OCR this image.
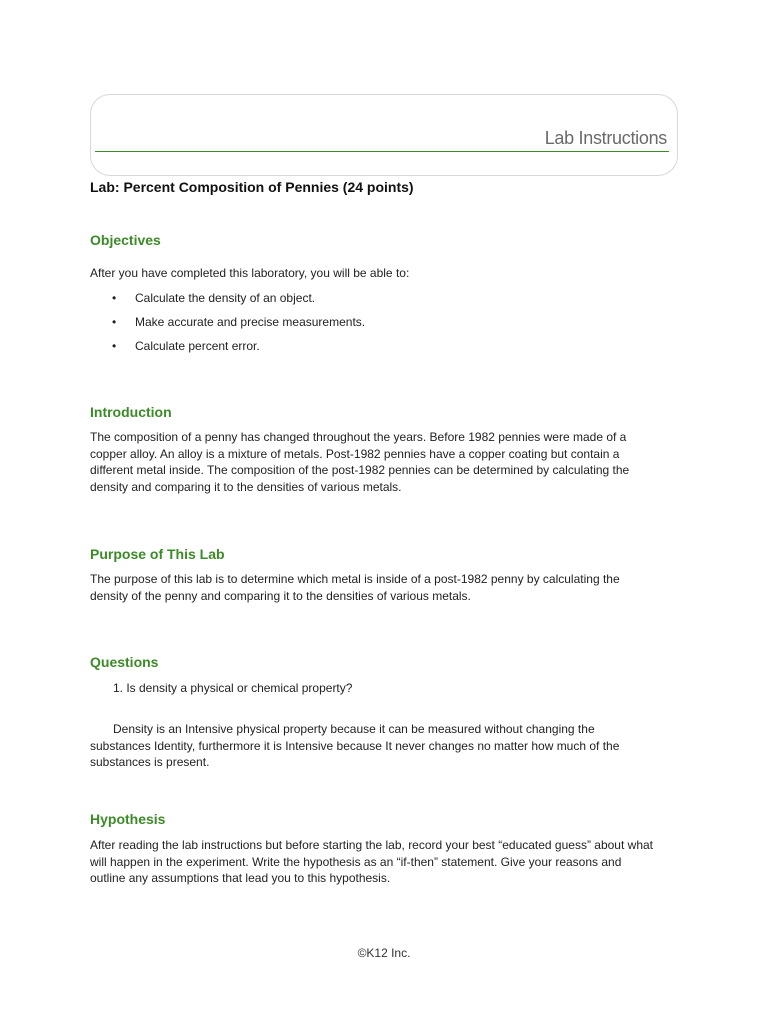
Lab Instructions
Lab: Percent Composition of Pennies (24 points)
Objectives
After you have completed this laboratory, you will be able to:
• Calculate the density of an object.
• Make accurate and precise measurements.
• Calculate percent error.
Introduction
The composition of a penny has changed throughout the years. Before 1982 pennies were made of a copper alloy. An alloy is a mixture of metals. Post-1982 pennies have a copper coating but contain a different metal inside. The composition of the post-1982 pennies can be determined by calculating the density and comparing it to the densities of various metals.
Purpose of This Lab
The purpose of this lab is to determine which metal is inside of a post-1982 penny by calculating the density of the penny and comparing it to the densities of various metals.
Questions
1. Is density a physical or chemical property?
Density is an Intensive physical property because it can be measured without changing the substances Identity, furthermore it is Intensive because It never changes no matter how much of the substances is present.
Hypothesis
After reading the lab instructions but before starting the lab, record your best “educated guess” about what will happen in the experiment. Write the hypothesis as an “if-then” statement. Give your reasons and outline any assumptions that lead you to this hypothesis.
©K12 Inc.
